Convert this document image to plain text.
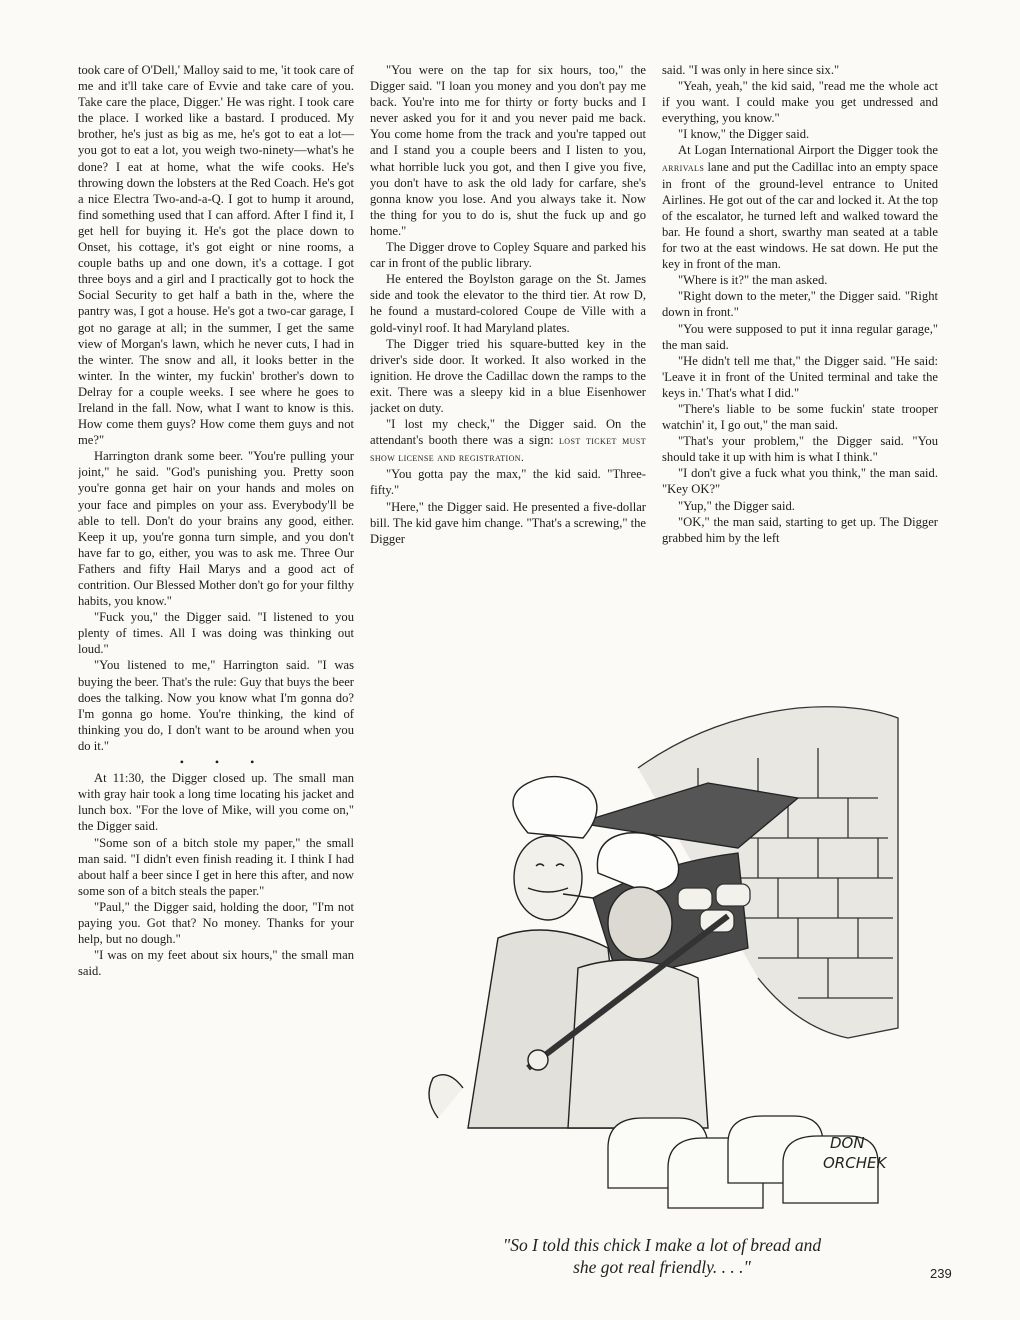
took care of O'Dell,' Malloy said to me, 'it took care of me and it'll take care of Evvie and take care of you. Take care the place, Digger.' He was right. I took care the place. I worked like a bastard. I produced. My brother, he's just as big as me, he's got to eat a lot—you got to eat a lot, you weigh two-ninety—what's he done? I eat at home, what the wife cooks. He's throwing down the lobsters at the Red Coach. He's got a nice Electra Two-and-a-Q. I got to hump it around, find something used that I can afford. After I find it, I get hell for buying it. He's got the place down to Onset, his cottage, it's got eight or nine rooms, a couple baths up and one down, it's a cottage. I got three boys and a girl and I practically got to hock the Social Security to get half a bath in the, where the pantry was, I got a house. He's got a two-car garage, I got no garage at all; in the summer, I get the same view of Morgan's lawn, which he never cuts, I had in the winter. The snow and all, it looks better in the winter. In the winter, my fuckin' brother's down to Delray for a couple weeks. I see where he goes to Ireland in the fall. Now, what I want to know is this. How come them guys? How come them guys and not me?"

Harrington drank some beer. "You're pulling your joint," he said. "God's punishing you. Pretty soon you're gonna get hair on your hands and moles on your face and pimples on your ass. Everybody'll be able to tell. Don't do your brains any good, either. Keep it up, you're gonna turn simple, and you don't have far to go, either, you was to ask me. Three Our Fathers and fifty Hail Marys and a good act of contrition. Our Blessed Mother don't go for your filthy habits, you know."

"Fuck you," the Digger said. "I listened to you plenty of times. All I was doing was thinking out loud."

"You listened to me," Harrington said. "I was buying the beer. That's the rule: Guy that buys the beer does the talking. Now you know what I'm gonna do? I'm gonna go home. You're thinking, the kind of thinking you do, I don't want to be around when you do it."

• • •

At 11:30, the Digger closed up. The small man with gray hair took a long time locating his jacket and lunch box. "For the love of Mike, will you come on," the Digger said.

"Some son of a bitch stole my paper," the small man said. "I didn't even finish reading it. I think I had about half a beer since I get in here this after, and now some son of a bitch steals the paper."

"Paul," the Digger said, holding the door, "I'm not paying you. Got that? No money. Thanks for your help, but no dough."

"I was on my feet about six hours," the small man said.

"You were on the tap for six hours, too," the Digger said. "I loan you money and you don't pay me back. You're into me for thirty or forty bucks and I never asked you for it and you never paid me back. You come home from the track and you're tapped out and I stand you a couple beers and I listen to you, what horrible luck you got, and then I give you five, you don't have to ask the old lady for carfare, she's gonna know you lose. And you always take it. Now the thing for you to do is, shut the fuck up and go home."

The Digger drove to Copley Square and parked his car in front of the public library.

He entered the Boylston garage on the St. James side and took the elevator to the third tier. At row D, he found a mustard-colored Coupe de Ville with a gold-vinyl roof. It had Maryland plates.

The Digger tried his square-butted key in the driver's side door. It worked. It also worked in the ignition. He drove the Cadillac down the ramps to the exit. There was a sleepy kid in a blue Eisenhower jacket on duty.

"I lost my check," the Digger said. On the attendant's booth there was a sign: lost ticket must show license and registration.

"You gotta pay the max," the kid said. "Three-fifty."

"Here," the Digger said. He presented a five-dollar bill. The kid gave him change. "That's a screwing," the Digger

said. "I was only in here since six."

"Yeah, yeah," the kid said, "read me the whole act if you want. I could make you get undressed and everything, you know."

"I know," the Digger said.

At Logan International Airport the Digger took the arrivals lane and put the Cadillac into an empty space in front of the ground-level entrance to United Airlines. He got out of the car and locked it. At the top of the escalator, he turned left and walked toward the bar. He found a short, swarthy man seated at a table for two at the east windows. He sat down. He put the key in front of the man.

"Where is it?" the man asked.

"Right down to the meter," the Digger said. "Right down in front."

"You were supposed to put it inna regular garage," the man said.

"He didn't tell me that," the Digger said. "He said: 'Leave it in front of the United terminal and take the keys in.' That's what I did."

"There's liable to be some fuckin' state trooper watchin' it, I go out," the man said.

"That's your problem," the Digger said. "You should take it up with him is what I think."

"I don't give a fuck what you think," the man said. "Key OK?"

"Yup," the Digger said.

"OK," the man said, starting to get up. The Digger grabbed him by the left

DON
ORCHEK
"So I told this chick I make a lot of bread and
she got real friendly. . . ."	239
